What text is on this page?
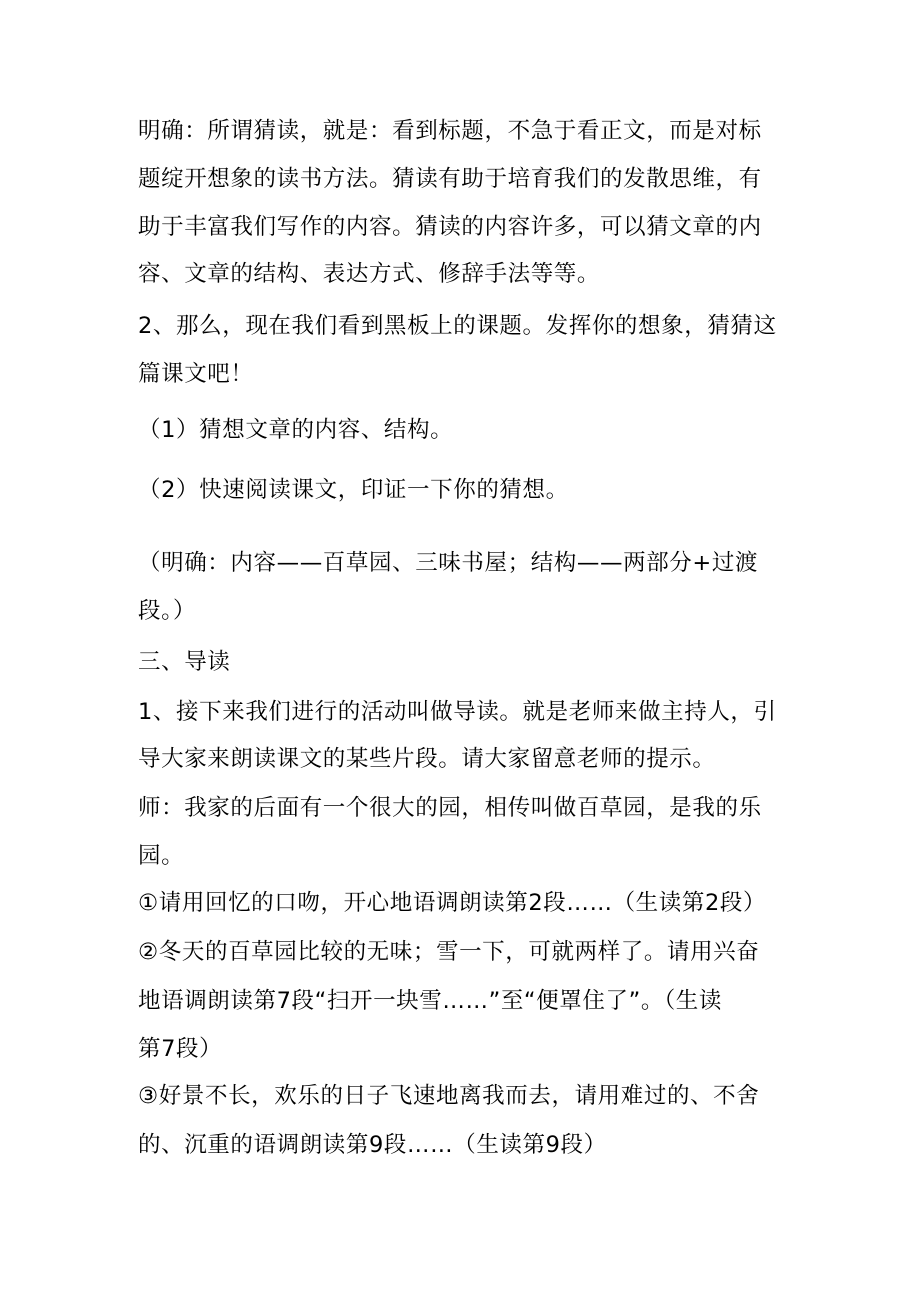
明确：所谓猜读，就是：看到标题，不急于看正文，而是对标
题绽开想象的读书方法。猜读有助于培育我们的发散思维，有
助于丰富我们写作的内容。猜读的内容许多，可以猜文章的内
容、文章的结构、表达方式、修辞手法等等。
2、那么，现在我们看到黑板上的课题。发挥你的想象，猜猜这
篇课文吧！
（1）猜想文章的内容、结构。
（2）快速阅读课文，印证一下你的猜想。
（明确：内容——百草园、三味书屋；结构——两部分+过渡
段。）
三、导读
1、接下来我们进行的活动叫做导读。就是老师来做主持人，引
导大家来朗读课文的某些片段。请大家留意老师的提示。
师：我家的后面有一个很大的园，相传叫做百草园，是我的乐
园。
①请用回忆的口吻，开心地语调朗读第2段……（生读第2段）
②冬天的百草园比较的无味；雪一下，可就两样了。请用兴奋
地语调朗读第7段“扫开一块雪……”至“便罩住了”。（生读
第7段）
③好景不长，欢乐的日子飞速地离我而去，请用难过的、不舍
的、沉重的语调朗读第9段……（生读第9段）
